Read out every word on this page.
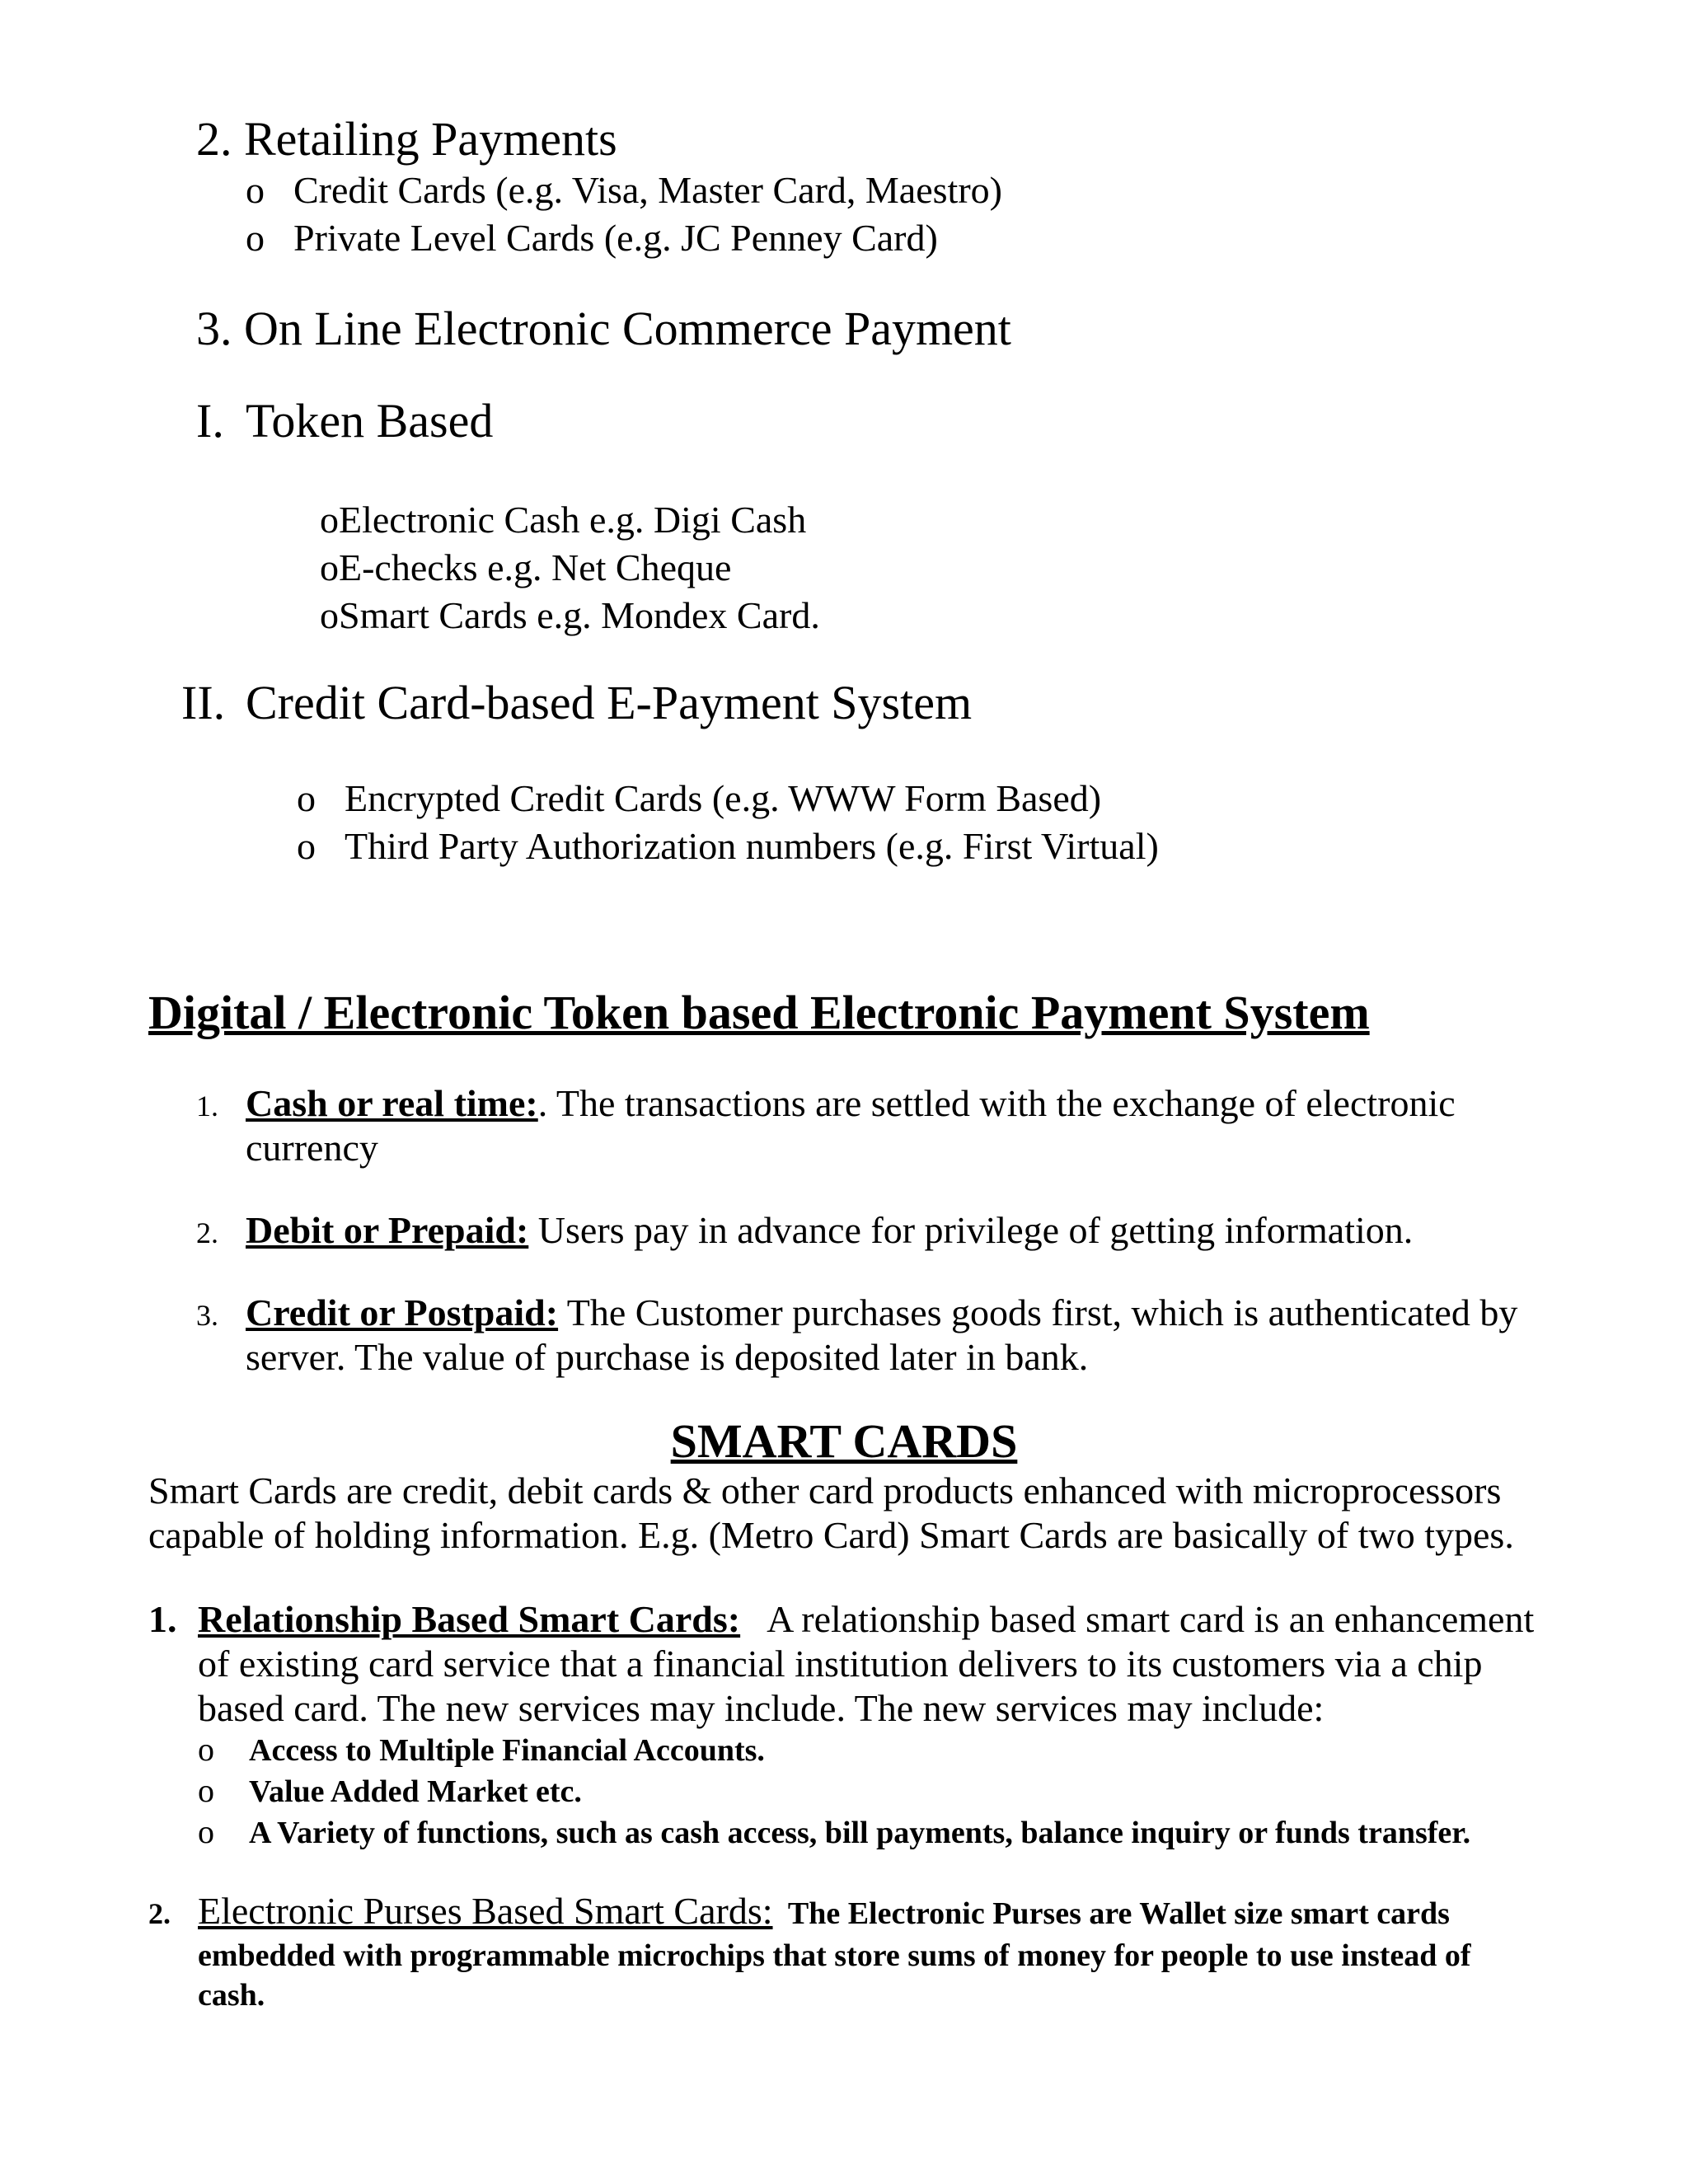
2. Retailing Payments
o Credit Cards (e.g. Visa, Master Card, Maestro)
o Private Level Cards (e.g. JC Penney Card)
3. On Line Electronic Commerce Payment
I. Token Based
oElectronic Cash e.g. Digi Cash
oE-checks e.g. Net Cheque
oSmart Cards e.g. Mondex Card.
II. Credit Card-based E-Payment System
o Encrypted Credit Cards (e.g. WWW Form Based)
o Third Party Authorization numbers (e.g. First Virtual)
Digital / Electronic Token based Electronic Payment System
1. Cash or real time:. The transactions are settled with the exchange of electronic
currency
2. Debit or Prepaid: Users pay in advance for privilege of getting information.
3. Credit or Postpaid: The Customer purchases goods first, which is authenticated by
server. The value of purchase is deposited later in bank.
SMART CARDS
Smart Cards are credit, debit cards & other card products enhanced with microprocessors
capable of holding information. E.g. (Metro Card) Smart Cards are basically of two types.
1. Relationship Based Smart Cards:   A relationship based smart card is an enhancement
of existing card service that a financial institution delivers to its customers via a chip
based card. The new services may include. The new services may include:
o Access to Multiple Financial Accounts.
o Value Added Market etc.
o A Variety of functions, such as cash access, bill payments, balance inquiry or funds transfer.
2. Electronic Purses Based Smart Cards:  The Electronic Purses are Wallet size smart cards
embedded with programmable microchips that store sums of money for people to use instead of
cash.
